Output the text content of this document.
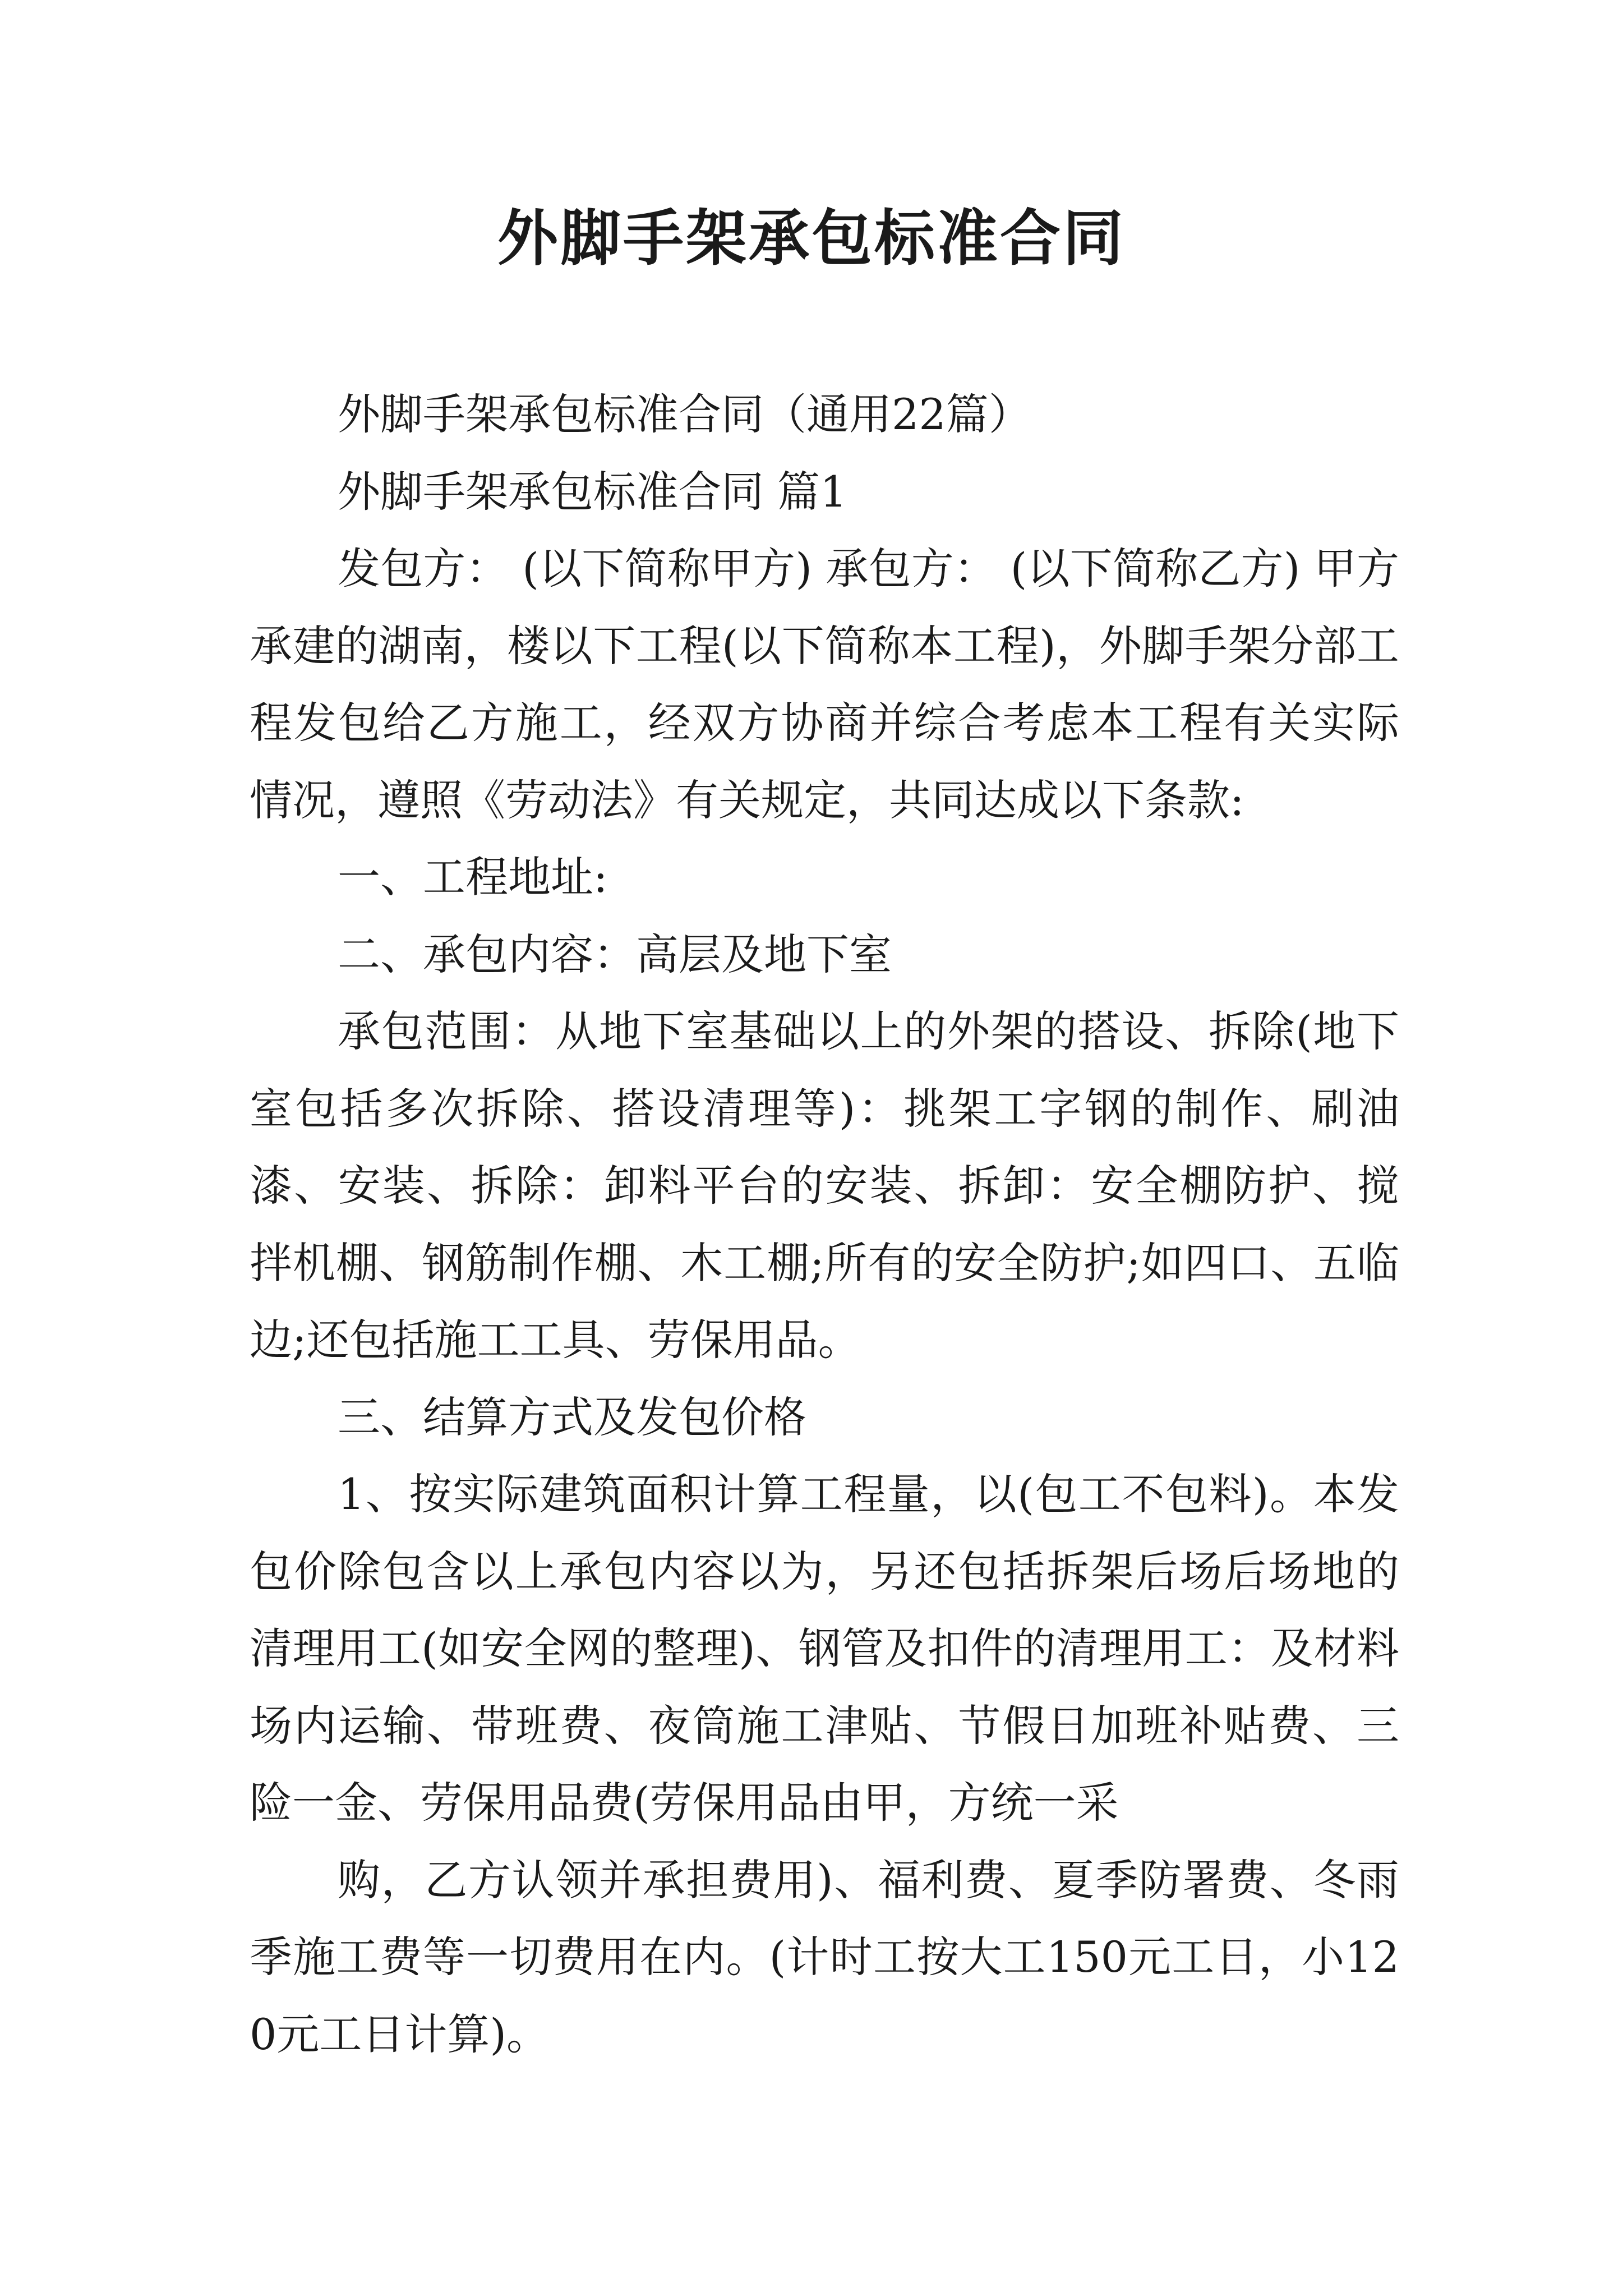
外脚手架承包标准合同

外脚手架承包标准合同（通用22篇）

外脚手架承包标准合同 篇1

发包方： (以下简称甲方) 承包方： (以下简称乙方) 甲方承建的湖南，楼以下工程(以下简称本工程)，外脚手架分部工程发包给乙方施工，经双方协商并综合考虑本工程有关实际情况，遵照《劳动法》有关规定，共同达成以下条款:

一、工程地址:

二、承包内容：高层及地下室

承包范围：从地下室基础以上的外架的搭设、拆除(地下室包括多次拆除、搭设清理等)：挑架工字钢的制作、刷油漆、安装、拆除：卸料平台的安装、拆卸：安全棚防护、搅拌机棚、钢筋制作棚、木工棚;所有的安全防护;如四口、五临边;还包括施工工具、劳保用品。

三、结算方式及发包价格

1、按实际建筑面积计算工程量，以(包工不包料)。本发包价除包含以上承包内容以为，另还包括拆架后场后场地的清理用工(如安全网的整理)、钢管及扣件的清理用工：及材料场内运输、带班费、夜筒施工津贴、节假日加班补贴费、三险一金、劳保用品费(劳保用品由甲，方统一采

购，乙方认领并承担费用)、福利费、夏季防署费、冬雨季施工费等一切费用在内。(计时工按大工150元工日，小120元工日计算)。
